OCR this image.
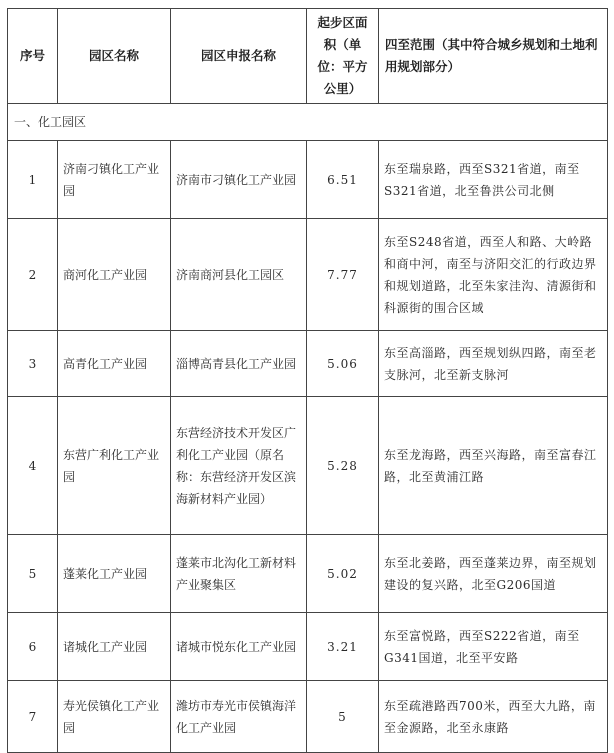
序号	园区名称	园区申报名称	起步区面积（单位：平方公里）	四至范围（其中符合城乡规划和土地利用规划部分）
一、化工园区				
1	济南刁镇化工产业园	济南市刁镇化工产业园	6.51	东至瑞泉路，西至S321省道，南至S321省道，北至鲁洪公司北侧
2	商河化工产业园	济南商河县化工园区	7.77	东至S248省道，西至人和路、大岭路和商中河，南至与济阳交汇的行政边界和规划道路，北至朱家洼沟、清源街和科源街的围合区域
3	高青化工产业园	淄博高青县化工产业园	5.06	东至高淄路，西至规划纵四路，南至老支脉河，北至新支脉河
4	东营广利化工产业园	东营经济技术开发区广利化工产业园（原名称：东营经济开发区滨海新材料产业园）	5.28	东至龙海路，西至兴海路，南至富春江路，北至黄浦江路
5	蓬莱化工产业园	蓬莱市北沟化工新材料产业聚集区	5.02	东至北姜路，西至蓬莱边界，南至规划建设的复兴路，北至G206国道
6	诸城化工产业园	诸城市悦东化工产业园	3.21	东至富悦路，西至S222省道，南至G341国道，北至平安路
7	寿光侯镇化工产业园	潍坊市寿光市侯镇海洋化工产业园	5	东至疏港路西700米，西至大九路，南至金源路，北至永康路
